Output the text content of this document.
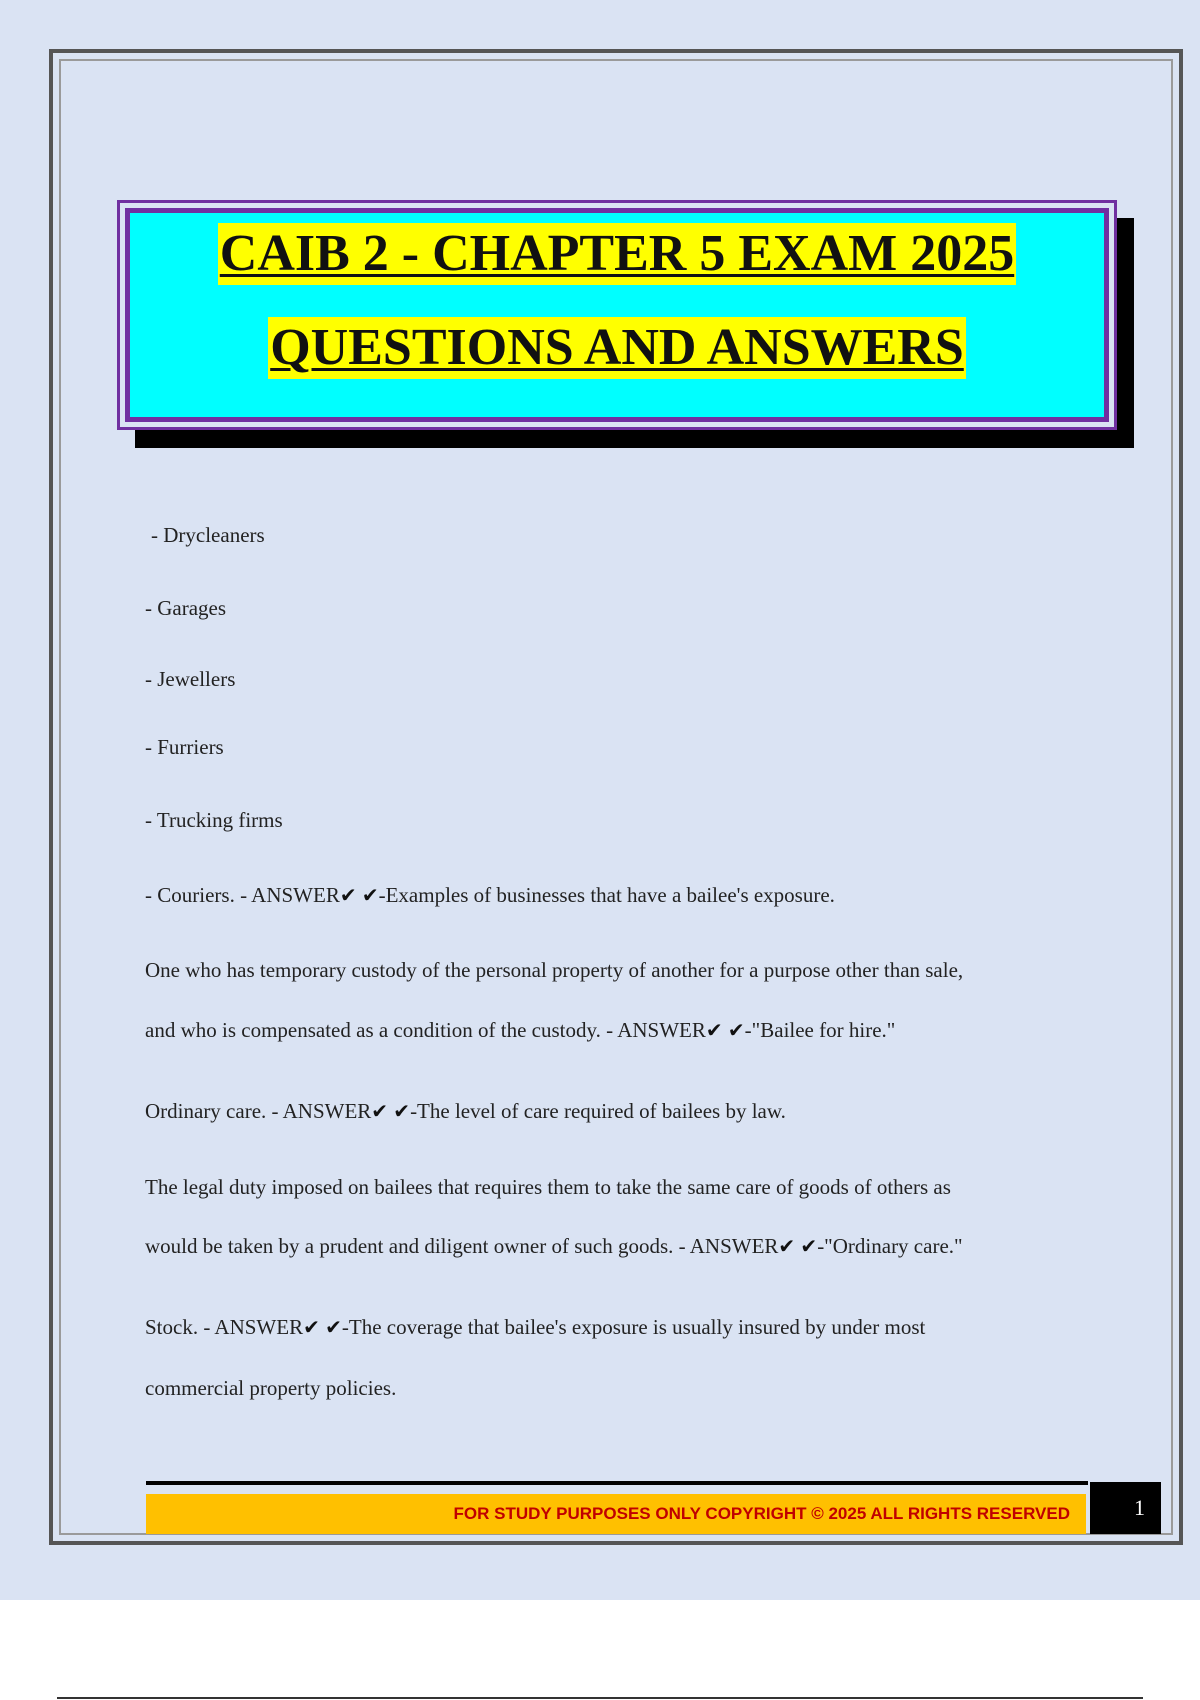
CAIB 2 - CHAPTER 5 EXAM 2025
QUESTIONS AND ANSWERS

- Drycleaners

- Garages

- Jewellers

- Furriers

- Trucking firms

- Couriers. - ANSWER✔ ✔-Examples of businesses that have a bailee's exposure.

One who has temporary custody of the personal property of another for a purpose other than sale,

and who is compensated as a condition of the custody. - ANSWER✔ ✔-"Bailee for hire."

Ordinary care. - ANSWER✔ ✔-The level of care required of bailees by law.

The legal duty imposed on bailees that requires them to take the same care of goods of others as

would be taken by a prudent and diligent owner of such goods. - ANSWER✔ ✔-"Ordinary care."

Stock. - ANSWER✔ ✔-The coverage that bailee's exposure is usually insured by under most

commercial property policies.

FOR STUDY PURPOSES ONLY COPYRIGHT © 2025 ALL RIGHTS RESERVED	1
